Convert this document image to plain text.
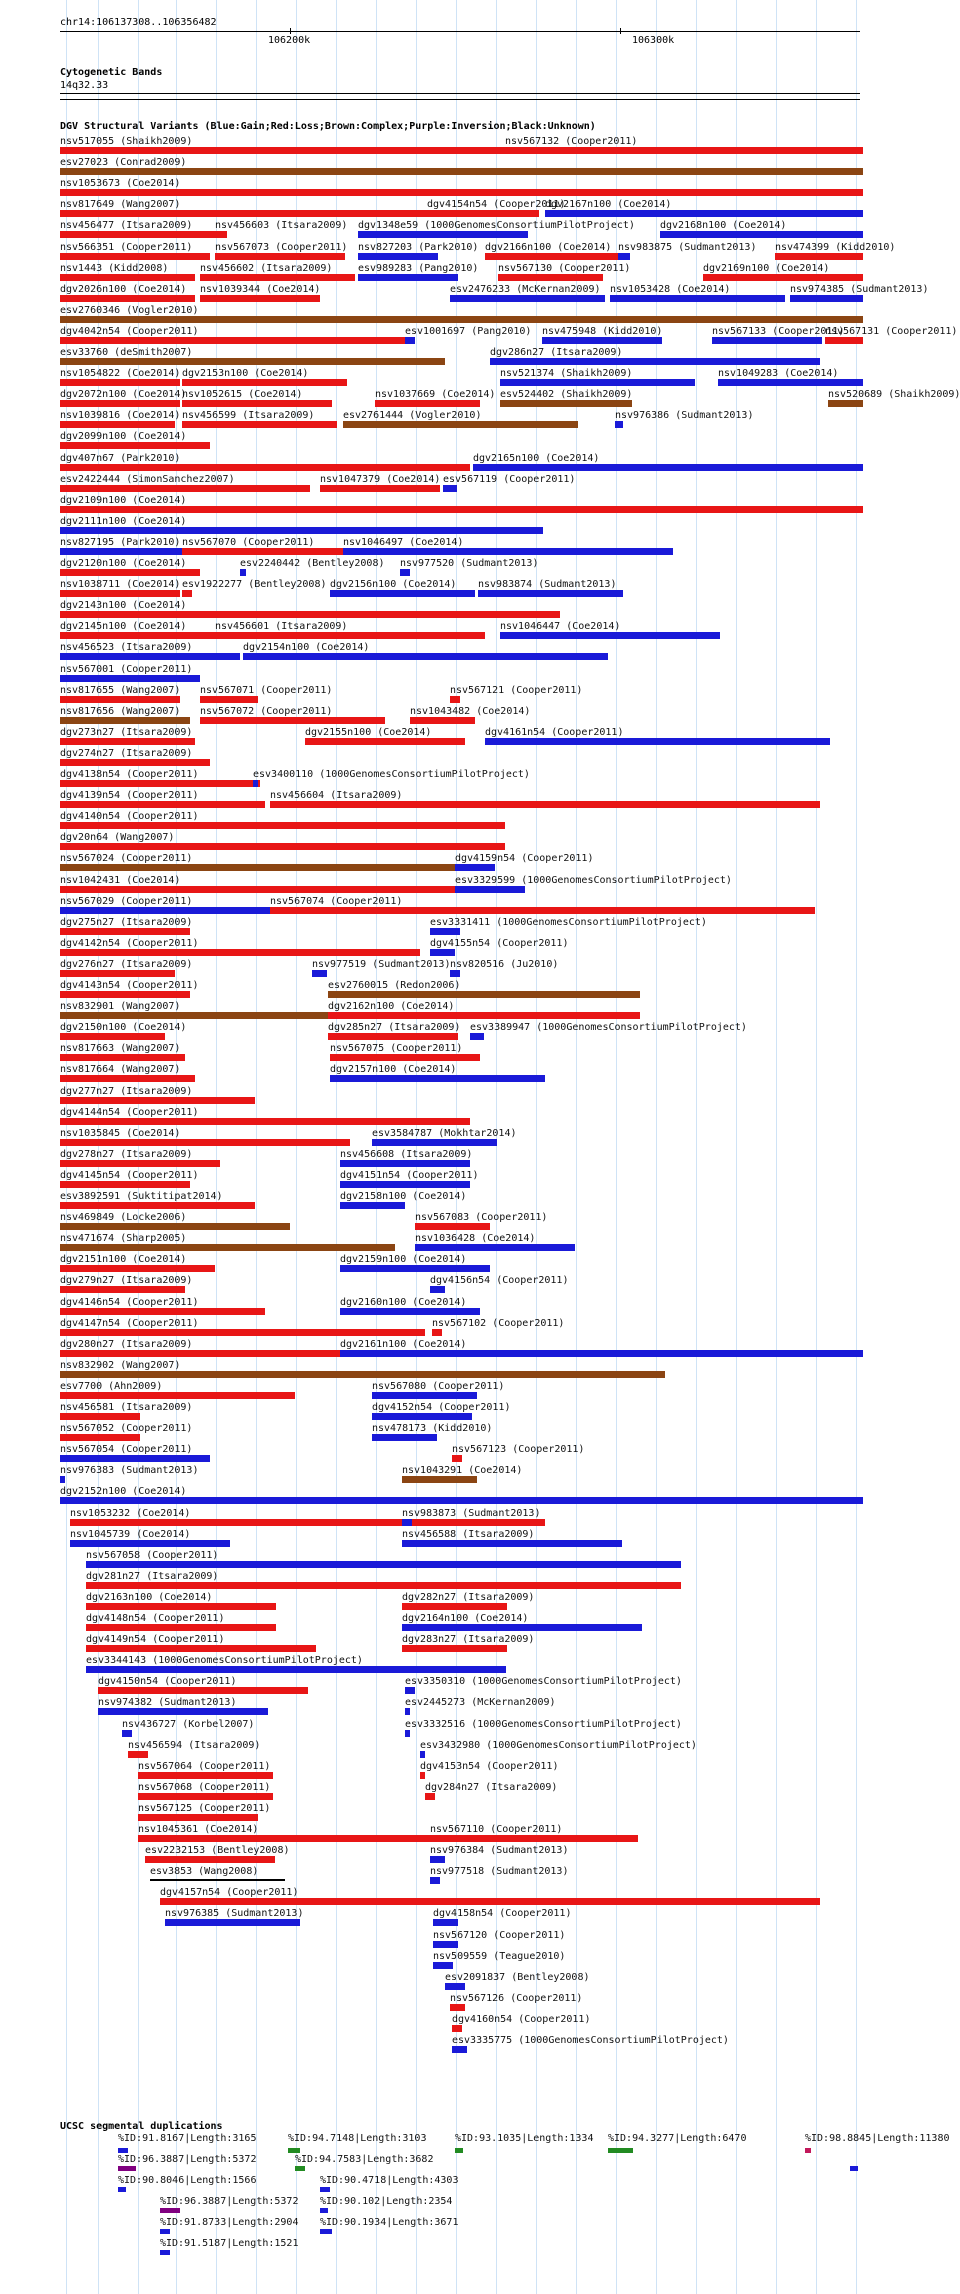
chr14:106137308..106356482
106200k	106300k
Cytogenetic Bands
14q32.33
DGV Structural Variants (Blue:Gain;Red:Loss;Brown:Complex;Purple:Inversion;Black:Unknown)
nsv517055 (Shaikh2009)	nsv567132 (Cooper2011)
esv27023 (Conrad2009)
nsv1053673 (Coe2014)
nsv817649 (Wang2007)	dgv4154n54 (Cooper2011)
dgv2167n100 (Coe2014)
nsv456477 (Itsara2009) nsv456603 (Itsara2009) dgv1348e59 (1000GenomesConsortiumPilotProject)	dgv2168n100 (Coe2014)
nsv566351 (Cooper2011) nsv567073 (Cooper2011) nsv827203 (Park2010) dgv2166n100 (Coe2014) nsv983875 (Sudmant2013) nsv474399 (Kidd2010)
nsv1443 (Kidd2008)	nsv456602 (Itsara2009)	esv989283 (Pang2010) nsv567130 (Cooper2011)	dgv2169n100 (Coe2014)
dgv2026n100 (Coe2014) nsv1039344 (Coe2014)	esv2476233 (McKernan2009) nsv1053428 (Coe2014)	nsv974385 (Sudmant2013)
esv2760346 (Vogler2010)
dgv4042n54 (Cooper2011)	esv1001697 (Pang2010) nsv475948 (Kidd2010)	nsv567133 (Cooper2011)
nsv567131 (Cooper2011)
esv33760 (deSmith2007)	dgv286n27 (Itsara2009)
nsv1054822 (Coe2014) dgv2153n100 (Coe2014)	nsv521374 (Shaikh2009)	nsv1049283 (Coe2014)
dgv2072n100 (Coe2014)
nsv1052615 (Coe2014)	nsv1037669 (Coe2014) esv524402 (Shaikh2009)	nsv520689 (Shaikh2009)
nsv1039816 (Coe2014) nsv456599 (Itsara2009)	esv2761444 (Vogler2010)	nsv976386 (Sudmant2013)
dgv2099n100 (Coe2014)
dgv407n67 (Park2010)	dgv2165n100 (Coe2014)
esv2422444 (SimonSanchez2007)	nsv1047379 (Coe2014) esv567119 (Cooper2011)
dgv2109n100 (Coe2014)
dgv2111n100 (Coe2014)
nsv827195 (Park2010) nsv567070 (Cooper2011)	nsv1046497 (Coe2014)
dgv2120n100 (Coe2014)	esv2240442 (Bentley2008) nsv977520 (Sudmant2013)
nsv1038711 (Coe2014) esv1922277 (Bentley2008) dgv2156n100 (Coe2014) nsv983874 (Sudmant2013)
dgv2143n100 (Coe2014)
dgv2145n100 (Coe2014)	nsv456601 (Itsara2009)	nsv1046447 (Coe2014)
nsv456523 (Itsara2009)	dgv2154n100 (Coe2014)
nsv567001 (Cooper2011)
nsv817655 (Wang2007) nsv567071 (Cooper2011)	nsv567121 (Cooper2011)
nsv817656 (Wang2007) nsv567072 (Cooper2011)	nsv1043482 (Coe2014)
dgv273n27 (Itsara2009)	dgv2155n100 (Coe2014)	dgv4161n54 (Cooper2011)
dgv274n27 (Itsara2009)
dgv4138n54 (Cooper2011)	esv3400110 (1000GenomesConsortiumPilotProject)
dgv4139n54 (Cooper2011)	nsv456604 (Itsara2009)
dgv4140n54 (Cooper2011)
dgv20n64 (Wang2007)
nsv567024 (Cooper2011)	dgv4159n54 (Cooper2011)
nsv1042431 (Coe2014)	esv3329599 (1000GenomesConsortiumPilotProject)
nsv567029 (Cooper2011)	nsv567074 (Cooper2011)
dgv275n27 (Itsara2009)	esv3331411 (1000GenomesConsortiumPilotProject)
dgv4142n54 (Cooper2011)	dgv4155n54 (Cooper2011)
dgv276n27 (Itsara2009)	nsv977519 (Sudmant2013) nsv820516 (Ju2010)
dgv4143n54 (Cooper2011)	esv2760015 (Redon2006)
nsv832901 (Wang2007)	dgv2162n100 (Coe2014)
dgv2150n100 (Coe2014)	dgv285n27 (Itsara2009) esv3389947 (1000GenomesConsortiumPilotProject)
nsv817663 (Wang2007)	nsv567075 (Cooper2011)
nsv817664 (Wang2007)	dgv2157n100 (Coe2014)
dgv277n27 (Itsara2009)
dgv4144n54 (Cooper2011)
nsv1035845 (Coe2014)	esv3584787 (Mokhtar2014)
dgv278n27 (Itsara2009)	nsv456608 (Itsara2009)
dgv4145n54 (Cooper2011)	dgv4151n54 (Cooper2011)
esv3892591 (Suktitipat2014)	dgv2158n100 (Coe2014)
nsv469849 (Locke2006)	nsv567083 (Cooper2011)
nsv471674 (Sharp2005)	nsv1036428 (Coe2014)
dgv2151n100 (Coe2014)	dgv2159n100 (Coe2014)
dgv279n27 (Itsara2009)	dgv4156n54 (Cooper2011)
dgv4146n54 (Cooper2011)	dgv2160n100 (Coe2014)
dgv4147n54 (Cooper2011)	nsv567102 (Cooper2011)
dgv280n27 (Itsara2009)	dgv2161n100 (Coe2014)
nsv832902 (Wang2007)
esv7700 (Ahn2009)	nsv567080 (Cooper2011)
nsv456581 (Itsara2009)	dgv4152n54 (Cooper2011)
nsv567052 (Cooper2011)	nsv478173 (Kidd2010)
nsv567054 (Cooper2011)	nsv567123 (Cooper2011)
nsv976383 (Sudmant2013)	nsv1043291 (Coe2014)
dgv2152n100 (Coe2014)
nsv1053232 (Coe2014)	nsv983873 (Sudmant2013)
nsv1045739 (Coe2014)	nsv456588 (Itsara2009)
nsv567058 (Cooper2011)
dgv281n27 (Itsara2009)
dgv2163n100 (Coe2014)	dgv282n27 (Itsara2009)
dgv4148n54 (Cooper2011)	dgv2164n100 (Coe2014)
dgv4149n54 (Cooper2011)	dgv283n27 (Itsara2009)
esv3344143 (1000GenomesConsortiumPilotProject)
dgv4150n54 (Cooper2011)	esv3350310 (1000GenomesConsortiumPilotProject)
nsv974382 (Sudmant2013)	esv2445273 (McKernan2009)
nsv436727 (Korbel2007)	esv3332516 (1000GenomesConsortiumPilotProject)
nsv456594 (Itsara2009)	esv3432980 (1000GenomesConsortiumPilotProject)
nsv567064 (Cooper2011)	dgv4153n54 (Cooper2011)
nsv567068 (Cooper2011)	dgv284n27 (Itsara2009)
nsv567125 (Cooper2011)
nsv1045361 (Coe2014)	nsv567110 (Cooper2011)
esv2232153 (Bentley2008)	nsv976384 (Sudmant2013)
esv3853 (Wang2008)	nsv977518 (Sudmant2013)
dgv4157n54 (Cooper2011)
nsv976385 (Sudmant2013)	dgv4158n54 (Cooper2011)
nsv567120 (Cooper2011)
nsv509559 (Teague2010)
esv2091837 (Bentley2008)
nsv567126 (Cooper2011)
dgv4160n54 (Cooper2011)
esv3335775 (1000GenomesConsortiumPilotProject)
%ID:91.8167|Length:3165	%ID:94.7148|Length:3103	%ID:93.1035|Length:1334 %ID:94.3277|Length:6470	%ID:98.8845|Length:11380
%ID:96.3887|Length:5372	%ID:94.7583|Length:3682
%ID:90.8046|Length:1566	%ID:90.4718|Length:4303
%ID:96.3887|Length:5372 %ID:90.102|Length:2354
%ID:91.8733|Length:2904 %ID:90.1934|Length:3671
%ID:91.5187|Length:1521
UCSC segmental duplications
